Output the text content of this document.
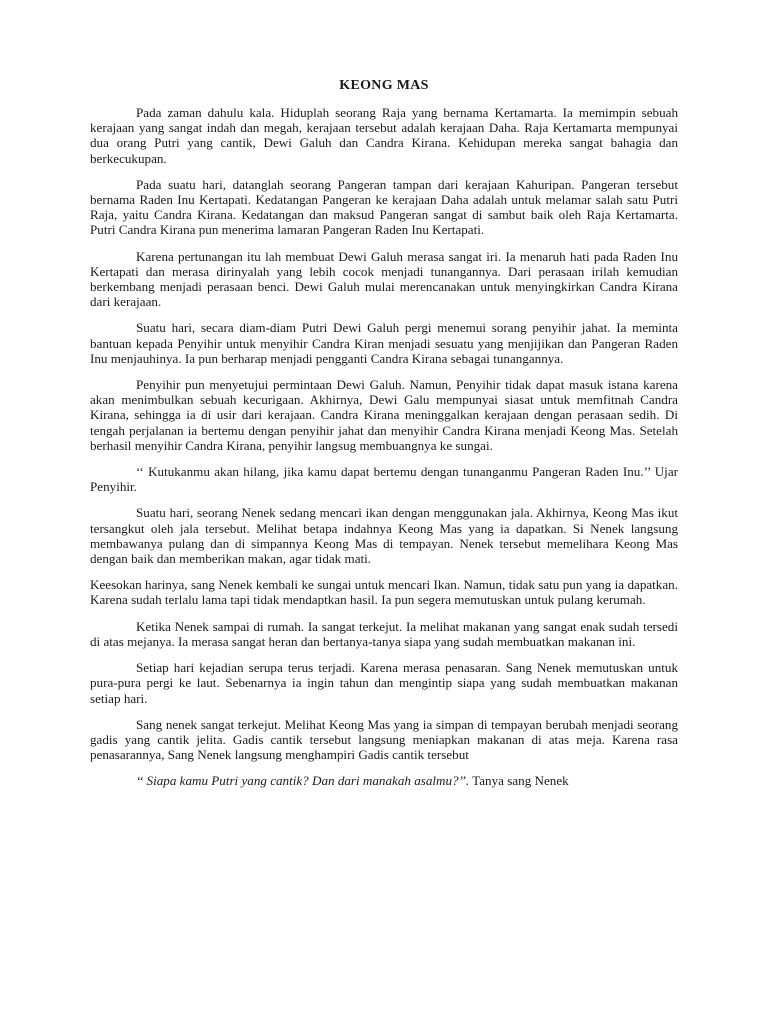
KEONG MAS

Pada zaman dahulu kala. Hiduplah seorang Raja yang bernama Kertamarta. Ia memimpin sebuah kerajaan yang sangat indah dan megah, kerajaan tersebut adalah kerajaan Daha. Raja Kertamarta mempunyai dua orang Putri yang cantik, Dewi Galuh dan Candra Kirana. Kehidupan mereka sangat bahagia dan berkecukupan.

Pada suatu hari, datanglah seorang Pangeran tampan dari kerajaan Kahuripan. Pangeran tersebut bernama Raden Inu Kertapati. Kedatangan Pangeran ke kerajaan Daha adalah untuk melamar salah satu Putri Raja, yaitu Candra Kirana. Kedatangan dan maksud Pangeran sangat di sambut baik oleh Raja Kertamarta. Putri Candra Kirana pun menerima lamaran Pangeran Raden Inu Kertapati.

Karena pertunangan itu lah membuat Dewi Galuh merasa sangat iri. Ia menaruh hati pada Raden Inu Kertapati dan merasa dirinyalah yang lebih cocok menjadi tunangannya. Dari perasaan irilah kemudian berkembang menjadi perasaan benci. Dewi Galuh mulai merencanakan untuk menyingkirkan Candra Kirana dari kerajaan.

Suatu hari, secara diam-diam Putri Dewi Galuh pergi menemui sorang penyihir jahat. Ia meminta bantuan kepada Penyihir untuk menyihir Candra Kiran menjadi sesuatu yang menjijikan dan Pangeran Raden Inu menjauhinya. Ia pun berharap menjadi pengganti Candra Kirana sebagai tunangannya.

Penyihir pun menyetujui permintaan Dewi Galuh. Namun, Penyihir tidak dapat masuk istana karena akan menimbulkan sebuah kecurigaan. Akhirnya, Dewi Galu mempunyai siasat untuk memfitnah Candra Kirana, sehingga ia di usir dari kerajaan. Candra Kirana meninggalkan kerajaan dengan perasaan sedih. Di tengah perjalanan ia bertemu dengan penyihir jahat dan menyihir Candra Kirana menjadi Keong Mas. Setelah berhasil menyihir Candra Kirana, penyihir langsug membuangnya ke sungai.

‘‘ Kutukanmu akan hilang, jika kamu dapat bertemu dengan tunanganmu Pangeran Raden Inu.’’ Ujar Penyihir.

Suatu hari, seorang Nenek sedang mencari ikan dengan menggunakan jala. Akhirnya, Keong Mas ikut tersangkut oleh jala tersebut. Melihat betapa indahnya Keong Mas yang ia dapatkan. Si Nenek langsung membawanya pulang dan di simpannya Keong Mas di tempayan. Nenek tersebut memelihara Keong Mas dengan baik dan memberikan makan, agar tidak mati.

Keesokan harinya, sang Nenek kembali ke sungai untuk mencari Ikan. Namun, tidak satu pun yang ia dapatkan. Karena sudah terlalu lama tapi tidak mendaptkan hasil. Ia pun segera memutuskan untuk pulang kerumah.

Ketika Nenek sampai di rumah. Ia sangat terkejut. Ia melihat makanan yang sangat enak sudah tersedi di atas mejanya. Ia merasa sangat heran dan bertanya-tanya siapa yang sudah membuatkan makanan ini.

Setiap hari kejadian serupa terus terjadi. Karena merasa penasaran. Sang Nenek memutuskan untuk pura-pura pergi ke laut. Sebenarnya ia ingin tahun dan mengintip siapa yang sudah membuatkan makanan setiap hari.

Sang nenek sangat terkejut. Melihat Keong Mas yang ia simpan di tempayan berubah menjadi seorang gadis yang cantik jelita. Gadis cantik tersebut langsung meniapkan makanan di atas meja. Karena rasa penasarannya, Sang Nenek langsung menghampiri Gadis cantik tersebut

‘‘ Siapa kamu Putri yang cantik? Dan dari manakah asalmu?’’. Tanya sang Nenek
